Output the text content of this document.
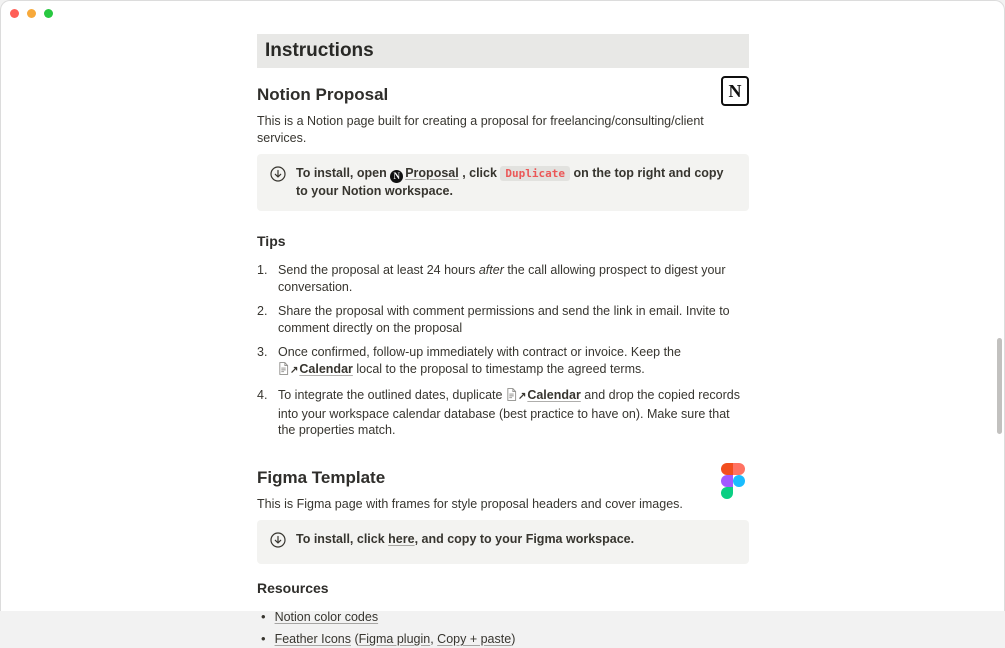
Instructions
N
Notion Proposal

This is a Notion page built for creating a proposal for freelancing/consulting/client services.

To install, open N Proposal , click Duplicate on the top right and copy to your Notion workspace.
Tips
1. Send the proposal at least 24 hours after the call allowing prospect to digest your conversation.
2. Share the proposal with comment permissions and send the link in email. Invite to comment directly on the proposal
3. Once confirmed, follow-up immediately with contract or invoice. Keep the ↗Calendar local to the proposal to timestamp the agreed terms.
4. To integrate the outlined dates, duplicate ↗Calendar and drop the copied records into your workspace calendar database (best practice to have on). Make sure that the properties match.
Figma Template

This is Figma page with frames for style proposal headers and cover images.

To install, click here, and copy to your Figma workspace.
Resources
•
Notion color codes
•
Feather Icons (Figma plugin, Copy + paste)
